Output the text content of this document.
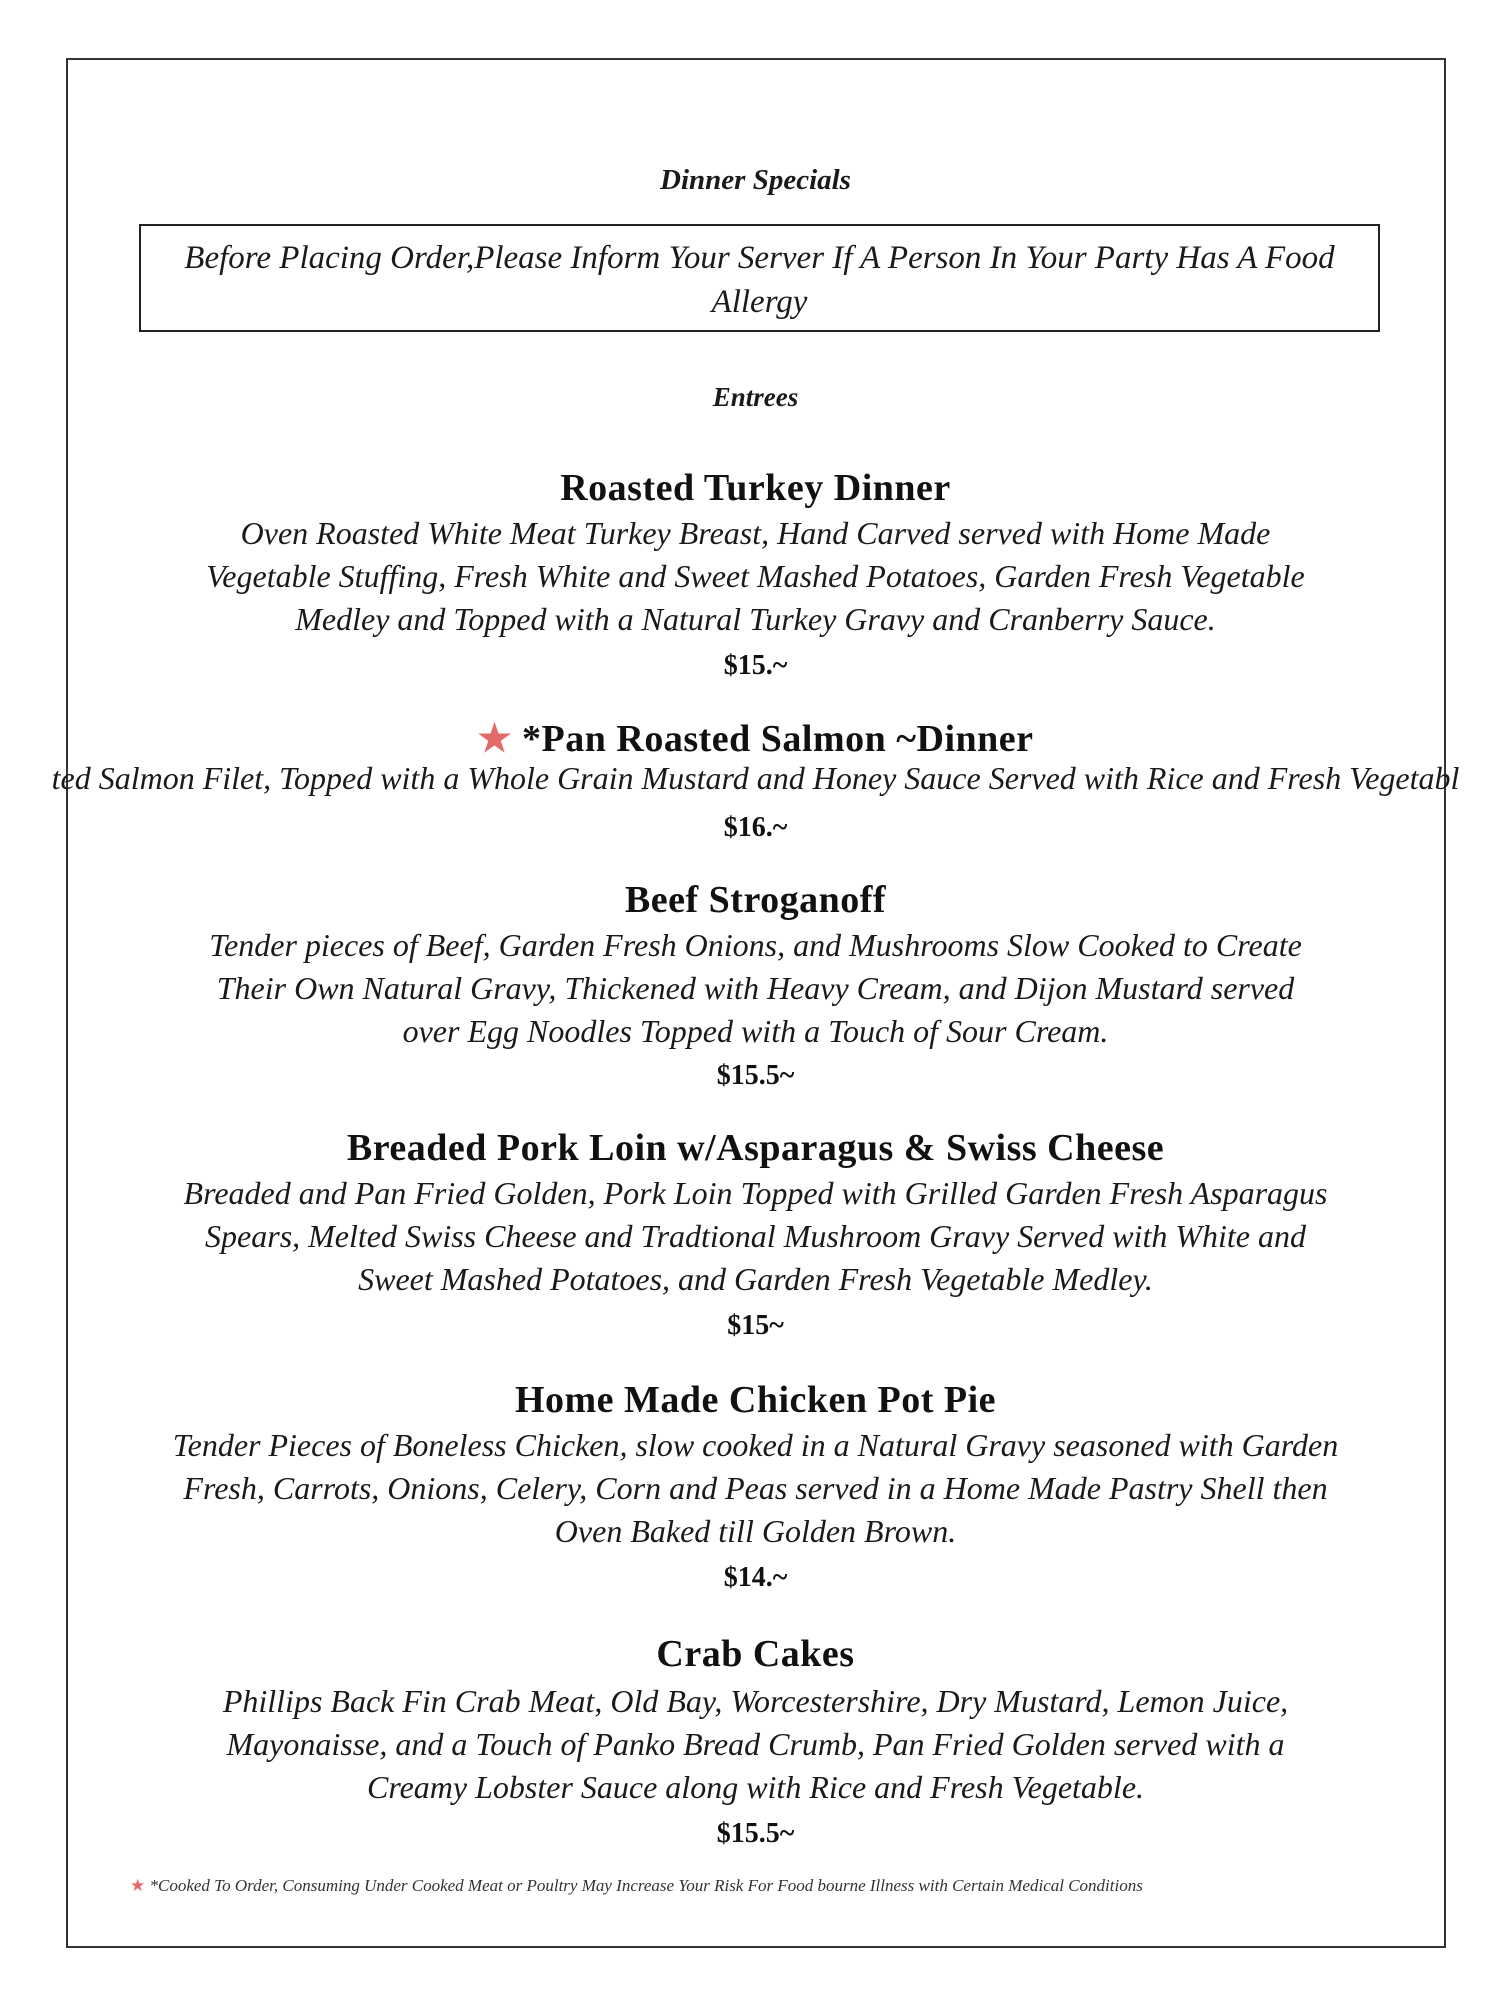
Dinner Specials
Before Placing Order,Please Inform Your Server If A Person In Your Party Has A Food
Allergy
Entrees
Roasted Turkey Dinner
Oven Roasted White Meat Turkey Breast, Hand Carved served with Home Made
Vegetable Stuffing, Fresh White and Sweet Mashed Potatoes, Garden Fresh Vegetable
Medley and Topped with a Natural Turkey Gravy and Cranberry Sauce.
$15.~
★ *Pan Roasted Salmon ~Dinner
ted Salmon Filet, Topped with a Whole Grain Mustard and Honey Sauce Served with Rice and Fresh Vegetabl
$16.~
Beef Stroganoff
Tender pieces of Beef, Garden Fresh Onions, and Mushrooms Slow Cooked to Create
Their Own Natural Gravy, Thickened with Heavy Cream, and Dijon Mustard served
over Egg Noodles Topped with a Touch of Sour Cream.
$15.5~
Breaded Pork Loin w/Asparagus & Swiss Cheese
Breaded and Pan Fried Golden, Pork Loin Topped with Grilled Garden Fresh Asparagus
Spears, Melted Swiss Cheese and Tradtional Mushroom Gravy Served with White and
Sweet Mashed Potatoes, and Garden Fresh Vegetable Medley.
$15~
Home Made Chicken Pot Pie
Tender Pieces of Boneless Chicken, slow cooked in a Natural Gravy seasoned with Garden
Fresh, Carrots, Onions, Celery, Corn and Peas served in a Home Made Pastry Shell then
Oven Baked till Golden Brown.
$14.~
Crab Cakes
Phillips Back Fin Crab Meat, Old Bay, Worcestershire, Dry Mustard, Lemon Juice,
Mayonaisse, and a Touch of Panko Bread Crumb, Pan Fried Golden served with a
Creamy Lobster Sauce along with Rice and Fresh Vegetable.
$15.5~
★ *Cooked To Order, Consuming Under Cooked Meat or Poultry May Increase Your Risk For Food bourne Illness with Certain Medical Conditions
